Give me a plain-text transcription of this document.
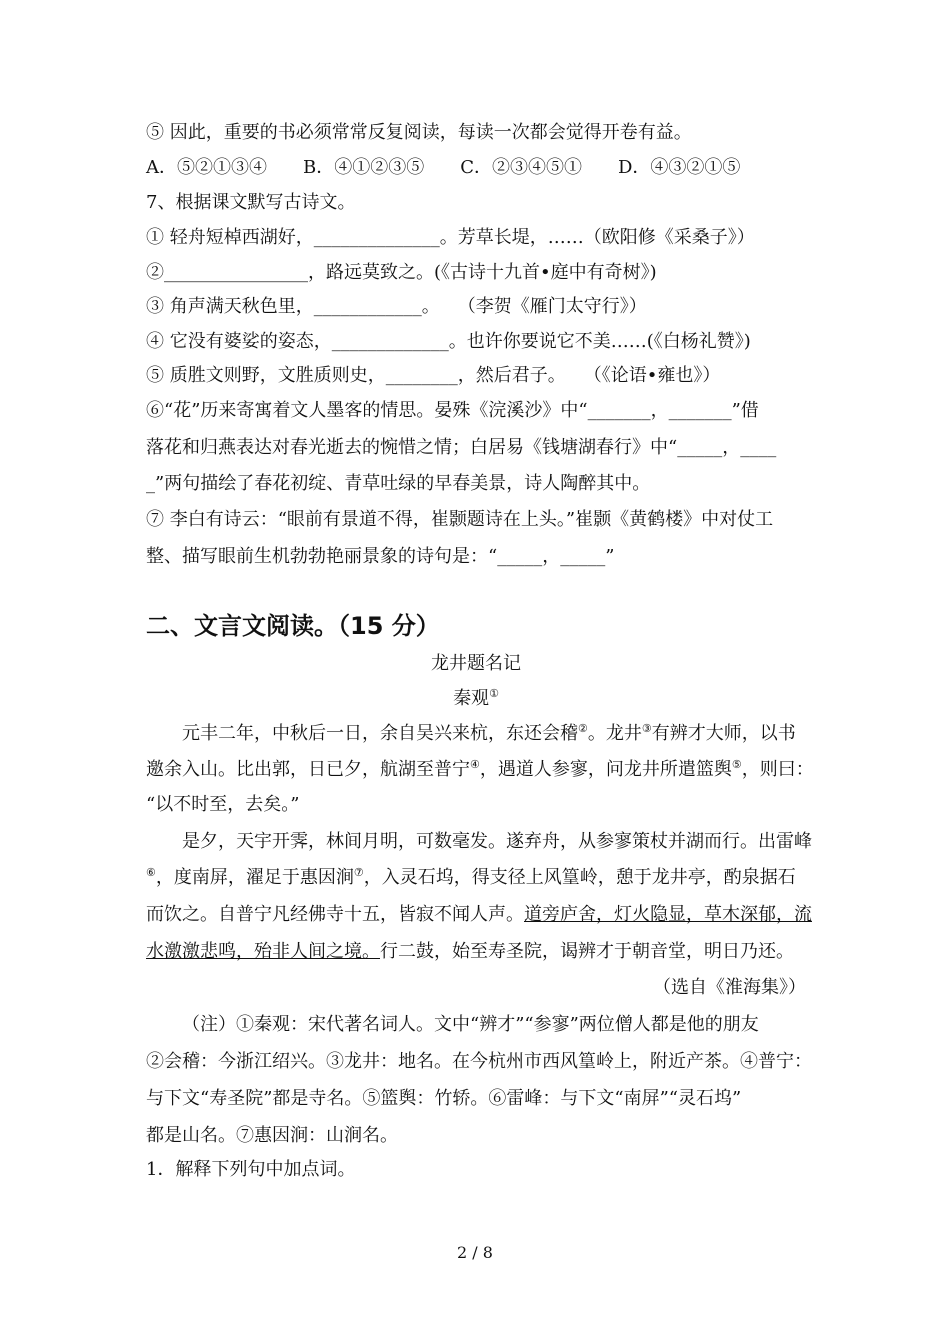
⑤ 因此，重要的书必须常常反复阅读，每读一次都会觉得开卷有益。
A．⑤②①③④　　B．④①②③⑤　　C．②③④⑤①　　D．④③②①⑤
7、根据课文默写古诗文。
① 轻舟短棹西湖好，______________。芳草长堤，……（欧阳修《采桑子》）
②________________，路远莫致之。(《古诗十九首•庭中有奇树》)
③ 角声满天秋色里，____________。　　（李贺《雁门太守行》）
④ 它没有婆娑的姿态，_____________。也许你要说它不美……(《白杨礼赞》)
⑤ 质胜文则野，文胜质则史，________，然后君子。　　（《论语•雍也》）
⑥“花”历来寄寓着文人墨客的情思。晏殊《浣溪沙》中“_______，_______”借
落花和归燕表达对春光逝去的惋惜之情；白居易《钱塘湖春行》中“_____，____
_”两句描绘了春花初绽、青草吐绿的早春美景，诗人陶醉其中。
⑦ 李白有诗云：“眼前有景道不得，崔颢题诗在上头。”崔颢《黄鹤楼》中对仗工
整、描写眼前生机勃勃艳丽景象的诗句是：“_____，_____”
二、文言文阅读。（15 分）
龙井题名记
秦观①
元丰二年，中秋后一日，余自吴兴来杭，东还会稽②。龙井③有辨才大师，以书
邀余入山。比出郭，日已夕，航湖至普宁④，遇道人参寥，问龙井所遣篮舆⑤，则曰：
“以不时至，去矣。”
是夕，天宇开霁，林间月明，可数毫发。遂弃舟，从参寥策杖并湖而行。出雷峰
⑥，度南屏，濯足于惠因涧⑦，入灵石坞，得支径上风篁岭，憩于龙井亭，酌泉据石
而饮之。自普宁凡经佛寺十五，皆寂不闻人声。道旁庐舍，灯火隐显，草木深郁，流
水激激悲鸣，殆非人间之境。行二鼓，始至寿圣院，谒辨才于朝音堂，明日乃还。
（选自《淮海集》）
（注）①秦观：宋代著名词人。文中“辨才”“参寥”两位僧人都是他的朋友
②会稽：今浙江绍兴。③龙井：地名。在今杭州市西风篁岭上，附近产茶。④普宁：
与下文“寿圣院”都是寺名。⑤篮舆：竹轿。⑥雷峰：与下文“南屏”“灵石坞”
都是山名。⑦惠因涧：山涧名。
1．解释下列句中加点词。
2 / 8
